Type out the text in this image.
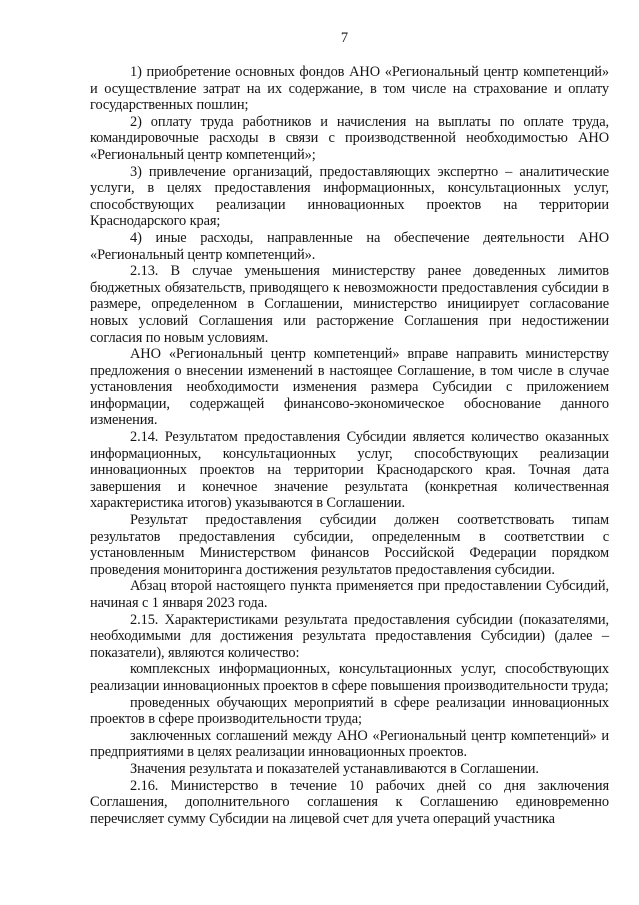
7

1) приобретение основных фондов АНО «Региональный центр компетенций» и осуществление затрат на их содержание, в том числе на страхование и оплату государственных пошлин;

2) оплату труда работников и начисления на выплаты по оплате труда, командировочные расходы в связи с производственной необходимостью АНО «Региональный центр компетенций»;

3) привлечение организаций, предоставляющих экспертно – аналитические услуги, в целях предоставления информационных, консультационных услуг, способствующих реализации инновационных проектов на территории Краснодарского края;

4) иные расходы, направленные на обеспечение деятельности АНО «Региональный центр компетенций».

2.13. В случае уменьшения министерству ранее доведенных лимитов бюджетных обязательств, приводящего к невозможности предоставления субсидии в размере, определенном в Соглашении, министерство инициирует согласование новых условий Соглашения или расторжение Соглашения при недостижении согласия по новым условиям.

АНО «Региональный центр компетенций» вправе направить министерству предложения о внесении изменений в настоящее Соглашение, в том числе в случае установления необходимости изменения размера Субсидии с приложением информации, содержащей финансово-экономическое обоснование данного изменения.

2.14. Результатом предоставления Субсидии является количество оказанных информационных, консультационных услуг, способствующих реализации инновационных проектов на территории Краснодарского края. Точная дата завершения и конечное значение результата (конкретная количественная характеристика итогов) указываются в Соглашении.

Результат предоставления субсидии должен соответствовать типам результатов предоставления субсидии, определенным в соответствии с установленным Министерством финансов Российской Федерации порядком проведения мониторинга достижения результатов предоставления субсидии.

Абзац второй настоящего пункта применяется при предоставлении Субсидий, начиная с 1 января 2023 года.

2.15. Характеристиками результата предоставления субсидии (показателями, необходимыми для достижения результата предоставления Субсидии) (далее – показатели), являются количество:

комплексных информационных, консультационных услуг, способствующих реализации инновационных проектов в сфере повышения производительности труда;

проведенных обучающих мероприятий в сфере реализации инновационных проектов в сфере производительности труда;

заключенных соглашений между АНО «Региональный центр компетенций» и предприятиями в целях реализации инновационных проектов.

Значения результата и показателей устанавливаются в Соглашении.

2.16. Министерство в течение 10 рабочих дней со дня заключения Соглашения, дополнительного соглашения к Соглашению единовременно перечисляет сумму Субсидии на лицевой счет для учета операций участника
